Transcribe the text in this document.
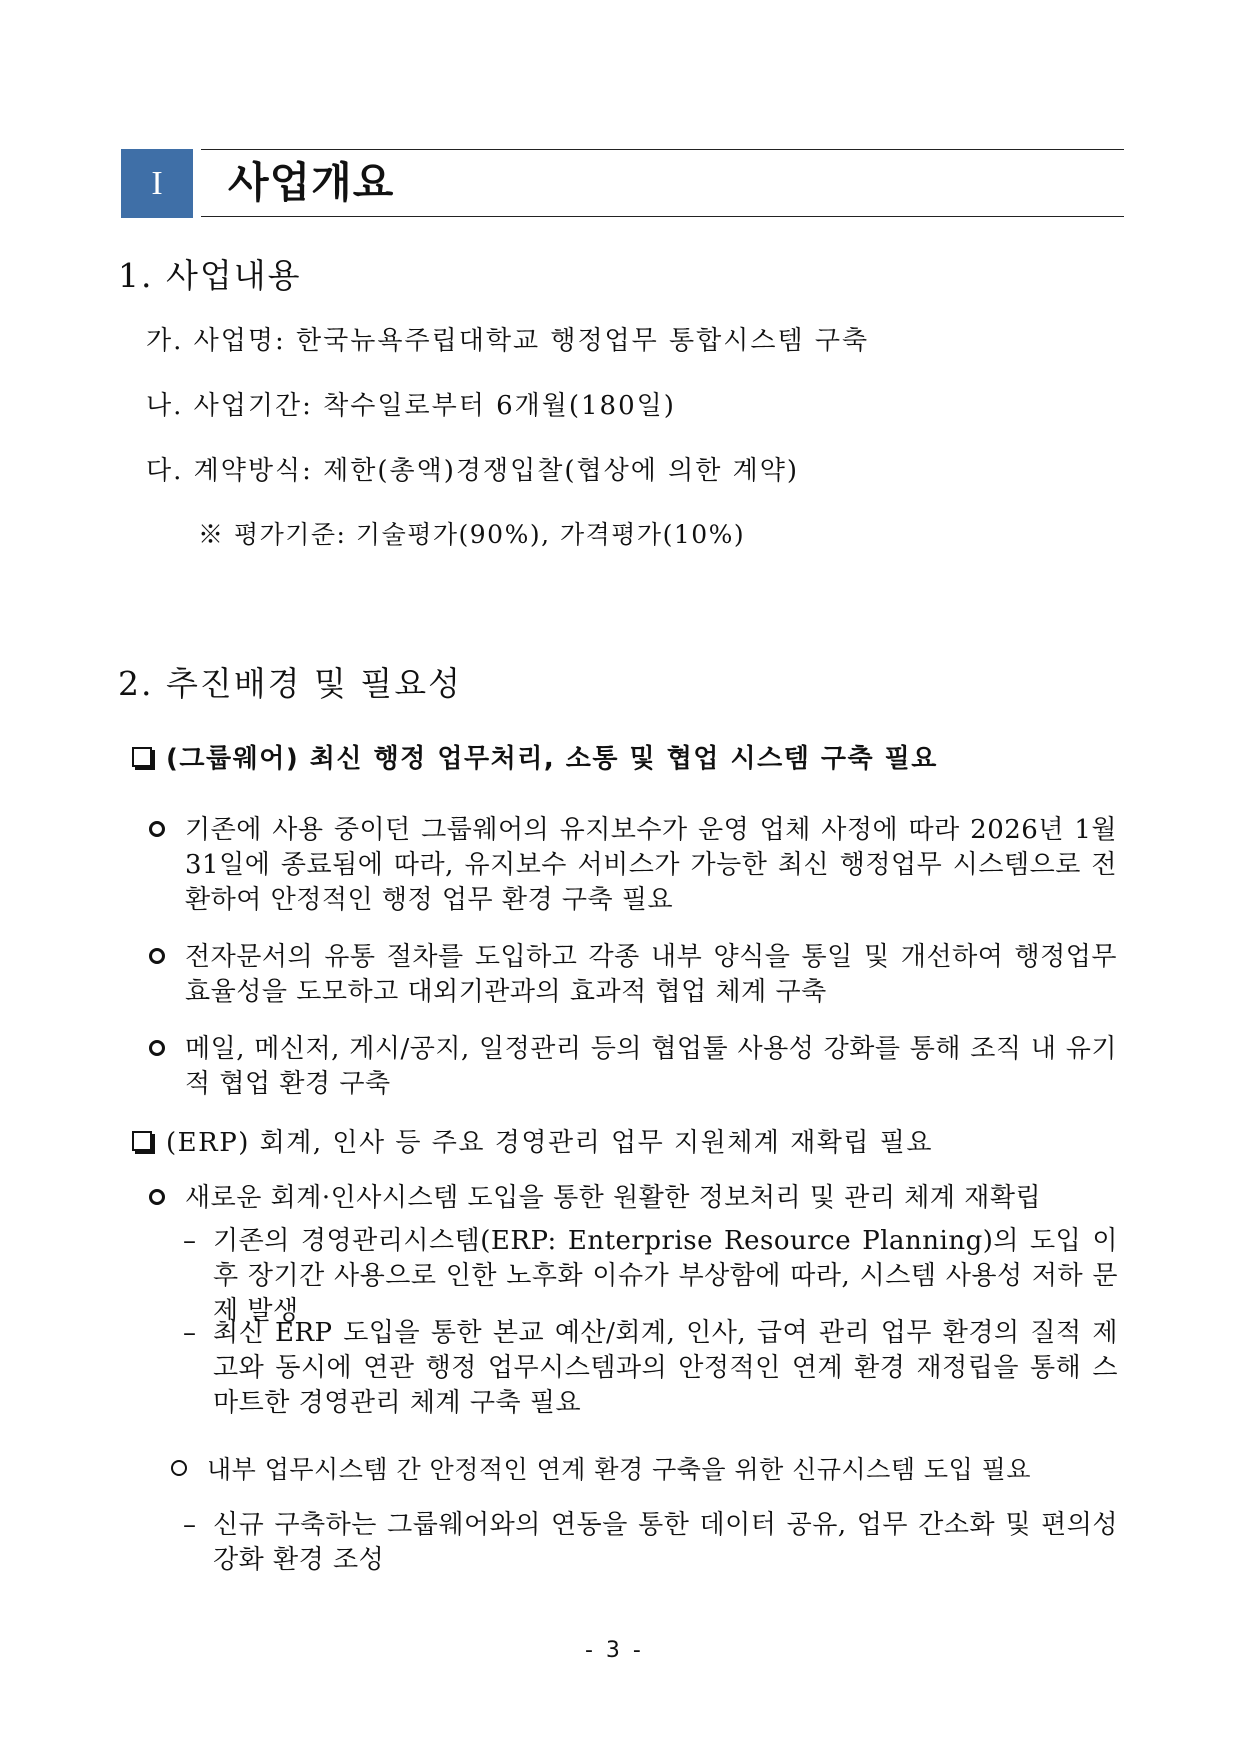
I 사업개요
1. 사업내용
가. 사업명: 한국뉴욕주립대학교 행정업무 통합시스템 구축
나. 사업기간: 착수일로부터 6개월(180일)
다. 계약방식: 제한(총액)경쟁입찰(협상에 의한 계약)
※ 평가기준: 기술평가(90%), 가격평가(10%)
2. 추진배경 및 필요성
(그룹웨어) 최신 행정 업무처리, 소통 및 협업 시스템 구축 필요
기존에 사용 중이던 그룹웨어의 유지보수가 운영 업체 사정에 따라 2026년 1월 31일에 종료됨에 따라, 유지보수 서비스가 가능한 최신 행정업무 시스템으로 전환하여 안정적인 행정 업무 환경 구축 필요
전자문서의 유통 절차를 도입하고 각종 내부 양식을 통일 및 개선하여 행정업무 효율성을 도모하고 대외기관과의 효과적 협업 체계 구축
메일, 메신저, 게시/공지, 일정관리 등의 협업툴 사용성 강화를 통해 조직 내 유기적 협업 환경 구축
(ERP) 회계, 인사 등 주요 경영관리 업무 지원체계 재확립 필요
새로운 회계·인사시스템 도입을 통한 원활한 정보처리 및 관리 체계 재확립
– 기존의 경영관리시스템(ERP: Enterprise Resource Planning)의 도입 이후 장기간 사용으로 인한 노후화 이슈가 부상함에 따라, 시스템 사용성 저하 문제 발생
– 최신 ERP 도입을 통한 본교 예산/회계, 인사, 급여 관리 업무 환경의 질적 제고와 동시에 연관 행정 업무시스템과의 안정적인 연계 환경 재정립을 통해 스마트한 경영관리 체계 구축 필요
내부 업무시스템 간 안정적인 연계 환경 구축을 위한 신규시스템 도입 필요
– 신규 구축하는 그룹웨어와의 연동을 통한 데이터 공유, 업무 간소화 및 편의성 강화 환경 조성
- 3 -
